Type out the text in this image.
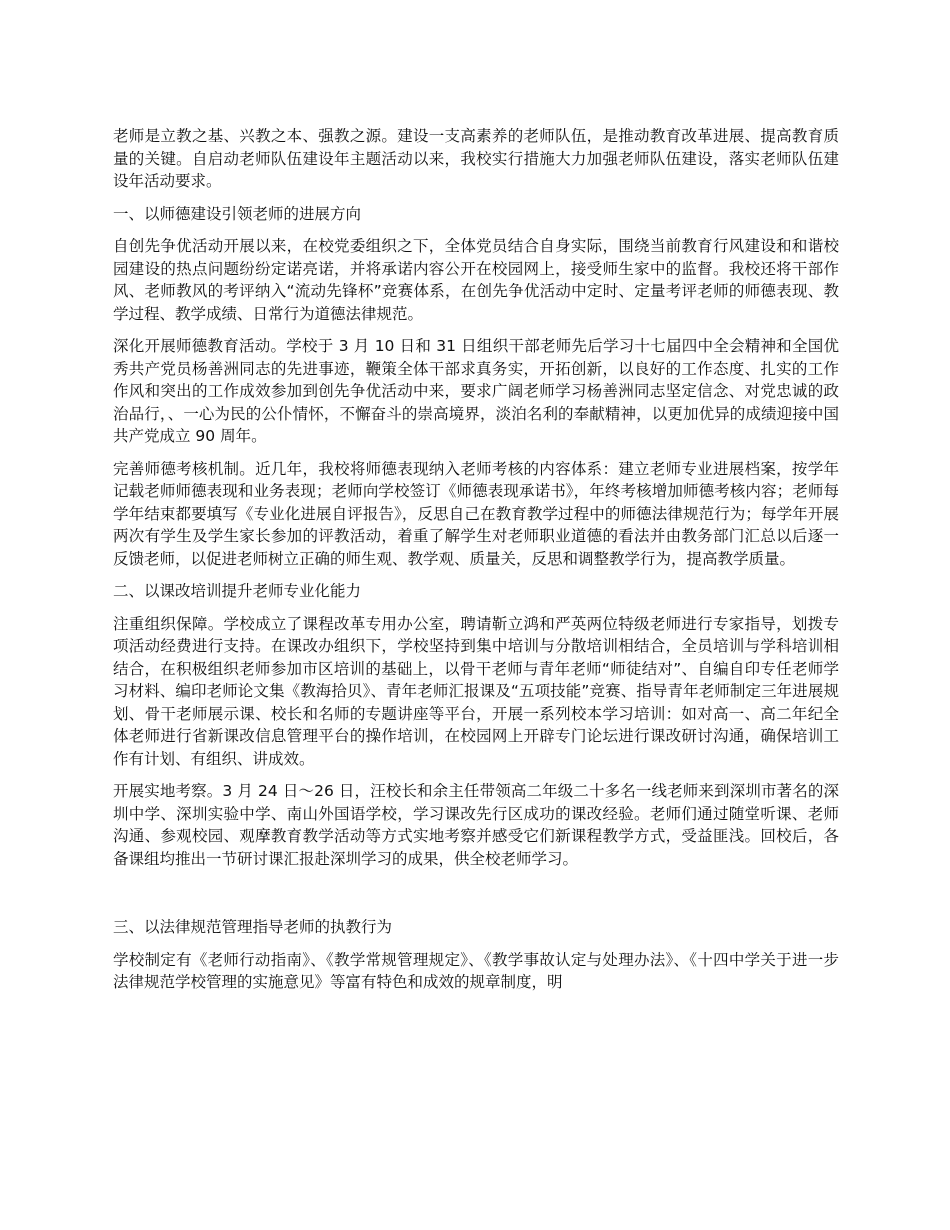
老师是立教之基、兴教之本、强教之源。建设一支高素养的老师队伍，是推动教育改革进展、提高教育质量的关键。自启动老师队伍建设年主题活动以来，我校实行措施大力加强老师队伍建设，落实老师队伍建设年活动要求。

一、以师德建设引领老师的进展方向

自创先争优活动开展以来，在校党委组织之下，全体党员结合自身实际，围绕当前教育行风建设和和谐校园建设的热点问题纷纷定诺亮诺，并将承诺内容公开在校园网上，接受师生家中的监督。我校还将干部作风、老师教风的考评纳入“流动先锋杯”竞赛体系，在创先争优活动中定时、定量考评老师的师德表现、教学过程、教学成绩、日常行为道德法律规范。

深化开展师德教育活动。学校于 3 月 10 日和 31 日组织干部老师先后学习十七届四中全会精神和全国优秀共产党员杨善洲同志的先进事迹，鞭策全体干部求真务实，开拓创新，以良好的工作态度、扎实的工作作风和突出的工作成效参加到创先争优活动中来，要求广阔老师学习杨善洲同志坚定信念、对党忠诚的政治品行，、一心为民的公仆情怀，不懈奋斗的崇高境界，淡泊名利的奉献精神，以更加优异的成绩迎接中国共产党成立 90 周年。

完善师德考核机制。近几年，我校将师德表现纳入老师考核的内容体系：建立老师专业进展档案，按学年记载老师师德表现和业务表现；老师向学校签订《师德表现承诺书》，年终考核增加师德考核内容；老师每学年结束都要填写《专业化进展自评报告》，反思自己在教育教学过程中的师德法律规范行为；每学年开展两次有学生及学生家长参加的评教活动，着重了解学生对老师职业道德的看法并由教务部门汇总以后逐一反馈老师，以促进老师树立正确的师生观、教学观、质量关，反思和调整教学行为，提高教学质量。

二、以课改培训提升老师专业化能力

注重组织保障。学校成立了课程改革专用办公室，聘请靳立鸿和严英两位特级老师进行专家指导，划拨专项活动经费进行支持。在课改办组织下，学校坚持到集中培训与分散培训相结合，全员培训与学科培训相结合，在积极组织老师参加市区培训的基础上，以骨干老师与青年老师“师徒结对”、自编自印专任老师学习材料、编印老师论文集《教海拾贝》、青年老师汇报课及“五项技能”竞赛、指导青年老师制定三年进展规划、骨干老师展示课、校长和名师的专题讲座等平台，开展一系列校本学习培训：如对高一、高二年纪全体老师进行省新课改信息管理平台的操作培训，在校园网上开辟专门论坛进行课改研讨沟通，确保培训工作有计划、有组织、讲成效。

开展实地考察。3 月 24 日～26 日，汪校长和余主任带领高二年级二十多名一线老师来到深圳市著名的深圳中学、深圳实验中学、南山外国语学校，学习课改先行区成功的课改经验。老师们通过随堂听课、老师沟通、参观校园、观摩教育教学活动等方式实地考察并感受它们新课程教学方式，受益匪浅。回校后，各备课组均推出一节研讨课汇报赴深圳学习的成果，供全校老师学习。

三、以法律规范管理指导老师的执教行为

学校制定有《老师行动指南》、《教学常规管理规定》、《教学事故认定与处理办法》、《十四中学关于进一步法律规范学校管理的实施意见》等富有特色和成效的规章制度，明
